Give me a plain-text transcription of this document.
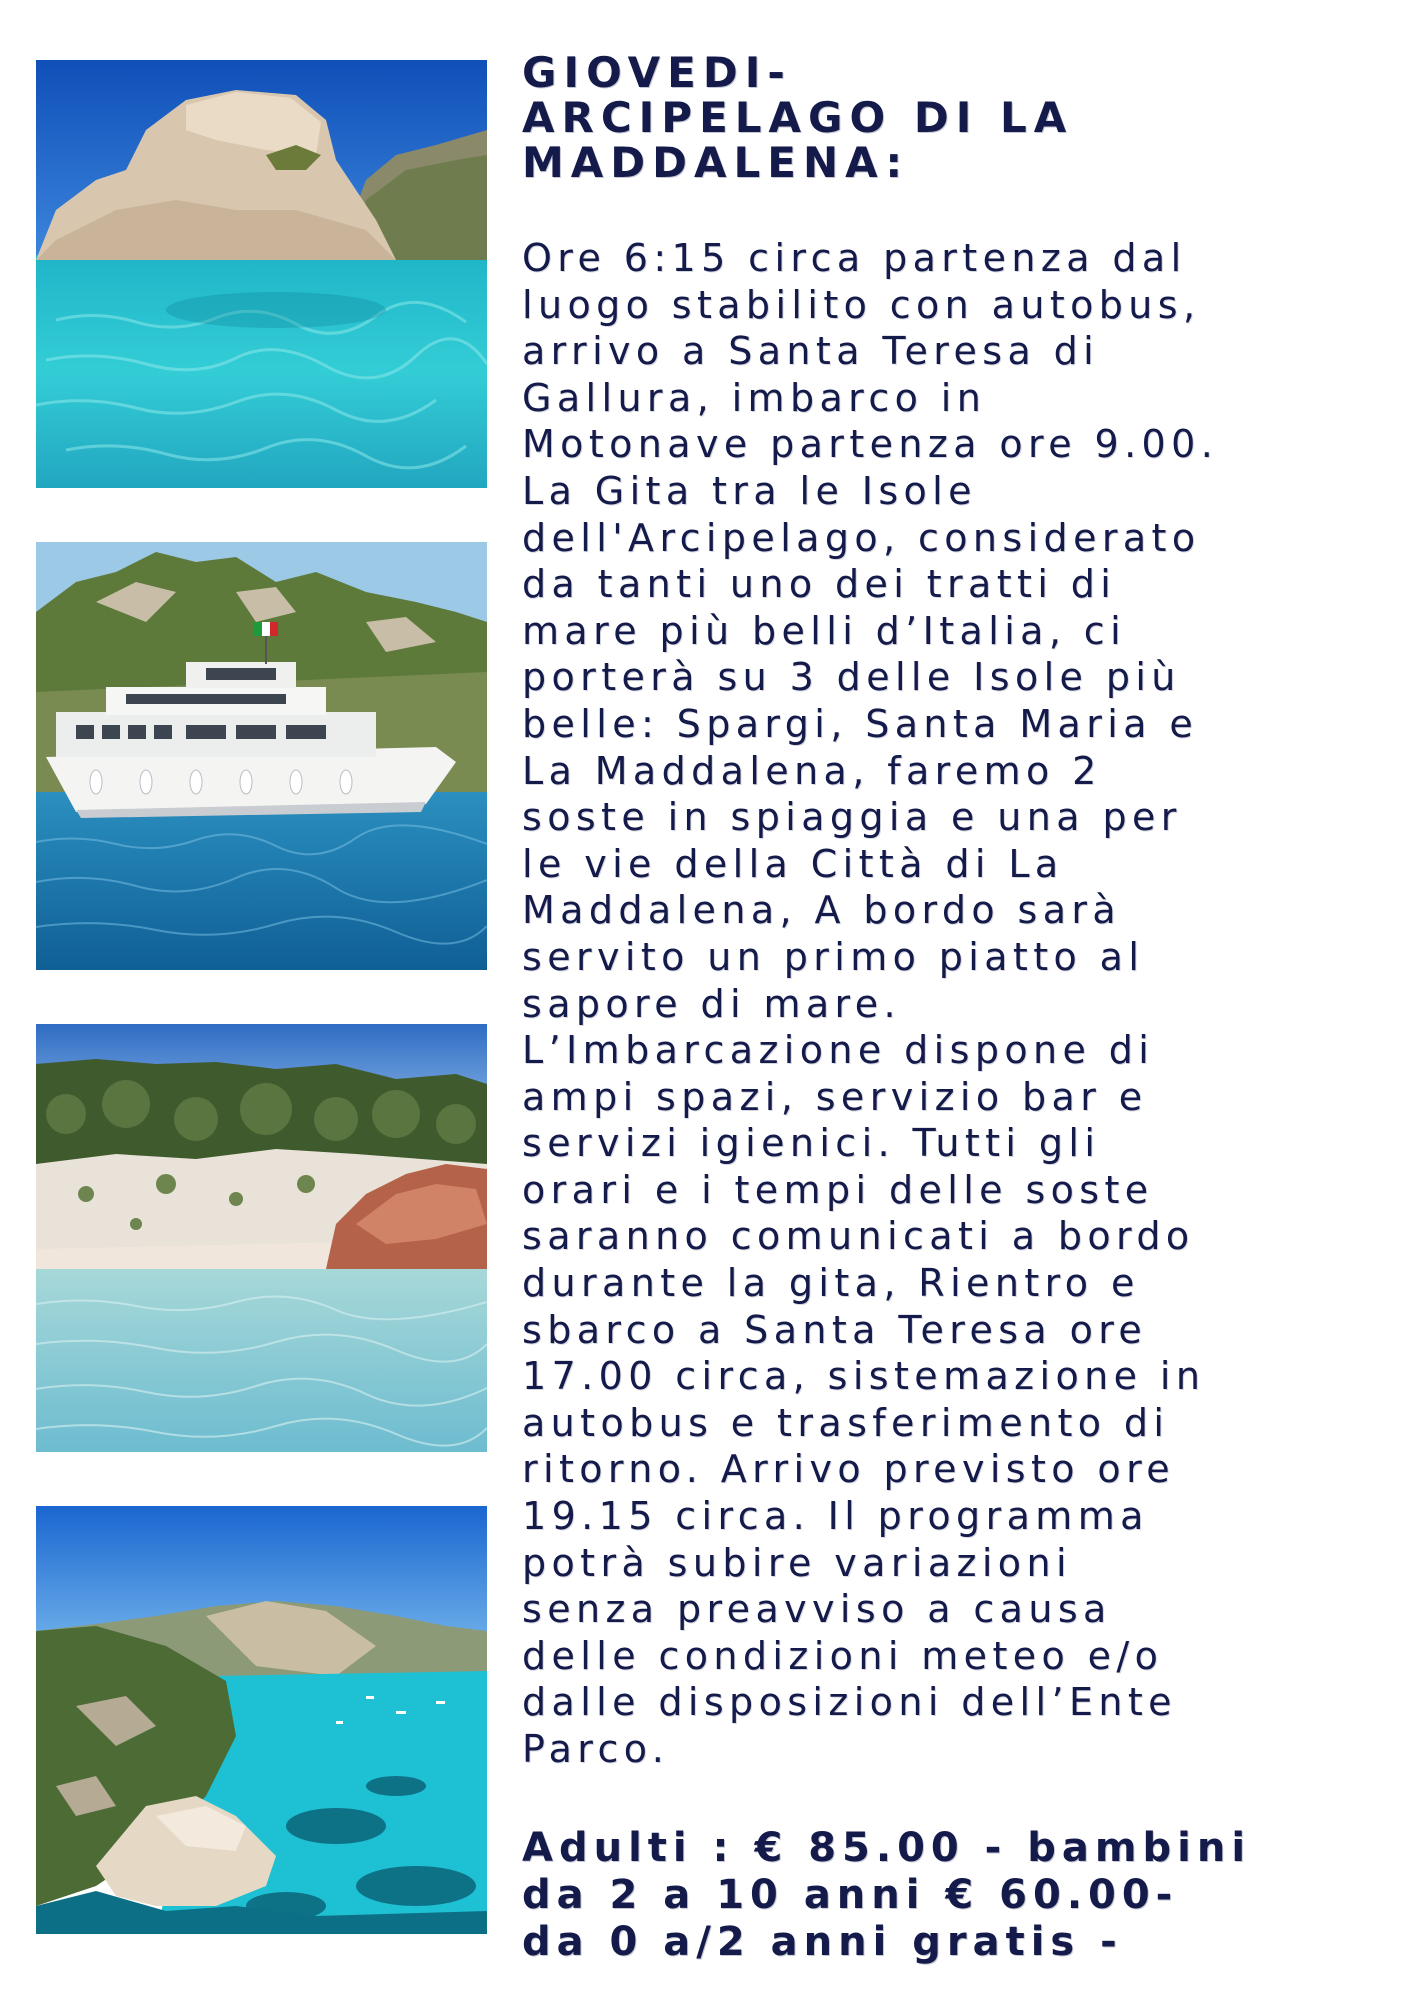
GIOVEDI-
ARCIPELAGO DI LA
MADDALENA:
Ore 6:15 circa partenza dal
luogo stabilito con autobus,
arrivo a Santa Teresa di
Gallura, imbarco in
Motonave partenza ore 9.00.
La Gita tra le Isole
dell'Arcipelago, considerato
da tanti uno dei tratti di
mare più belli d’Italia, ci
porterà su 3 delle Isole più
belle: Spargi, Santa Maria e
La Maddalena, faremo 2
soste in spiaggia e una per
le vie della Città di La
Maddalena, A bordo sarà
servito un primo piatto al
sapore di mare.
L’Imbarcazione dispone di
ampi spazi, servizio bar e
servizi igienici. Tutti gli
orari e i tempi delle soste
saranno comunicati a bordo
durante la gita, Rientro e
sbarco a Santa Teresa ore
17.00 circa, sistemazione in
autobus e trasferimento di
ritorno. Arrivo previsto ore
19.15 circa. Il programma
potrà subire variazioni
senza preavviso a causa
delle condizioni meteo e/o
dalle disposizioni dell’Ente
Parco.
Adulti : € 85.00 - bambini
da 2 a 10 anni € 60.00-
da 0 a/2 anni gratis -
